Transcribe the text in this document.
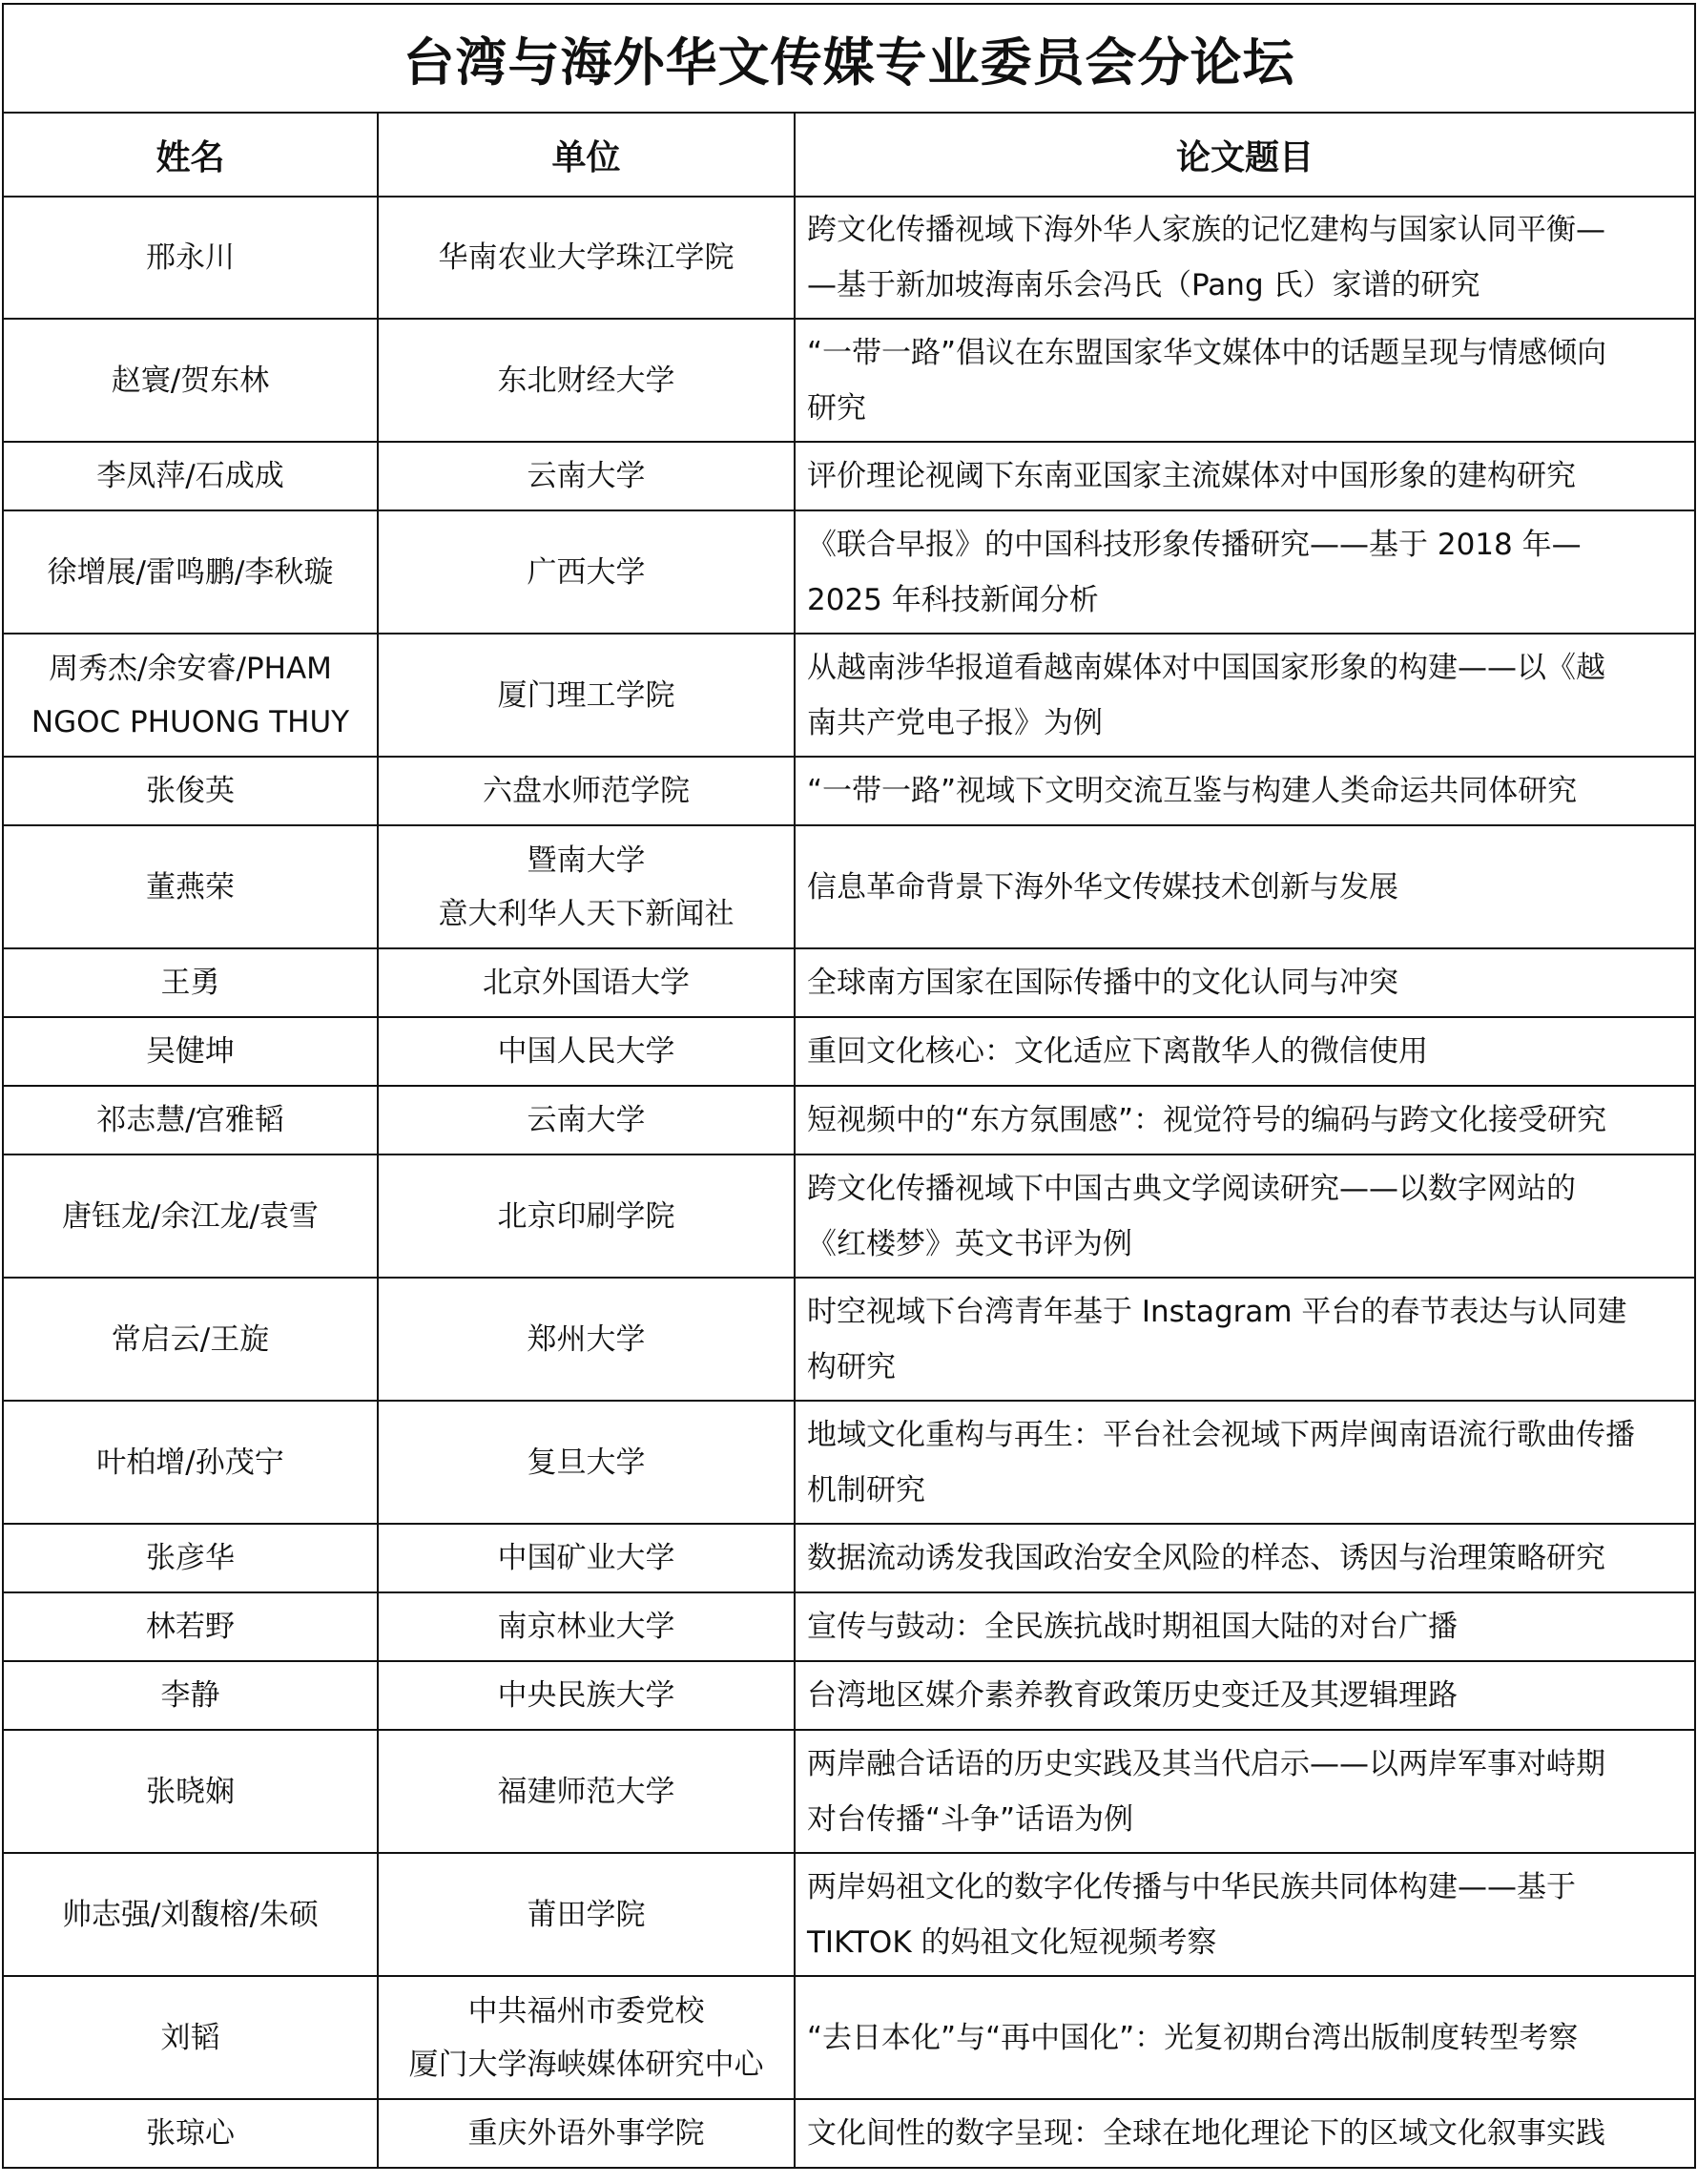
台湾与海外华文传媒专业委员会分论坛		
姓名	单位	论文题目

邢永川	华南农业大学珠江学院	跨文化传播视域下海外华人家族的记忆建构与国家认同平衡—
—基于新加坡海南乐会冯氏（Pang 氏）家谱的研究

赵寰/贺东林	东北财经大学	“一带一路”倡议在东盟国家华文媒体中的话题呈现与情感倾向
研究

李凤萍/石成成	云南大学	评价理论视阈下东南亚国家主流媒体对中国形象的建构研究

徐增展/雷鸣鹏/李秋璇	广西大学	《联合早报》的中国科技形象传播研究——基于 2018 年—
2025 年科技新闻分析

周秀杰/余安睿/PHAM
NGOC PHUONG THUY	厦门理工学院	从越南涉华报道看越南媒体对中国国家形象的构建——以《越
南共产党电子报》为例

张俊英	六盘水师范学院	“一带一路”视域下文明交流互鉴与构建人类命运共同体研究

董燕荣	暨南大学
意大利华人天下新闻社	信息革命背景下海外华文传媒技术创新与发展

王勇	北京外国语大学	全球南方国家在国际传播中的文化认同与冲突

吴健坤	中国人民大学	重回文化核心：文化适应下离散华人的微信使用

祁志慧/宫雅韬	云南大学	短视频中的“东方氛围感”：视觉符号的编码与跨文化接受研究

唐钰龙/余江龙/袁雪	北京印刷学院	跨文化传播视域下中国古典文学阅读研究——以数字网站的
《红楼梦》英文书评为例

常启云/王旋	郑州大学	时空视域下台湾青年基于 Instagram 平台的春节表达与认同建
构研究

叶柏增/孙茂宁	复旦大学	地域文化重构与再生：平台社会视域下两岸闽南语流行歌曲传播
机制研究

张彦华	中国矿业大学	数据流动诱发我国政治安全风险的样态、诱因与治理策略研究

林若野	南京林业大学	宣传与鼓动：全民族抗战时期祖国大陆的对台广播

李静	中央民族大学	台湾地区媒介素养教育政策历史变迁及其逻辑理路

张晓娴	福建师范大学	两岸融合话语的历史实践及其当代启示——以两岸军事对峙期
对台传播“斗争”话语为例

帅志强/刘馥榕/朱硕	莆田学院	两岸妈祖文化的数字化传播与中华民族共同体构建——基于
TIKTOK 的妈祖文化短视频考察

刘韬	中共福州市委党校
厦门大学海峡媒体研究中心	“去日本化”与“再中国化”：光复初期台湾出版制度转型考察

张琼心	重庆外语外事学院	文化间性的数字呈现：全球在地化理论下的区域文化叙事实践
